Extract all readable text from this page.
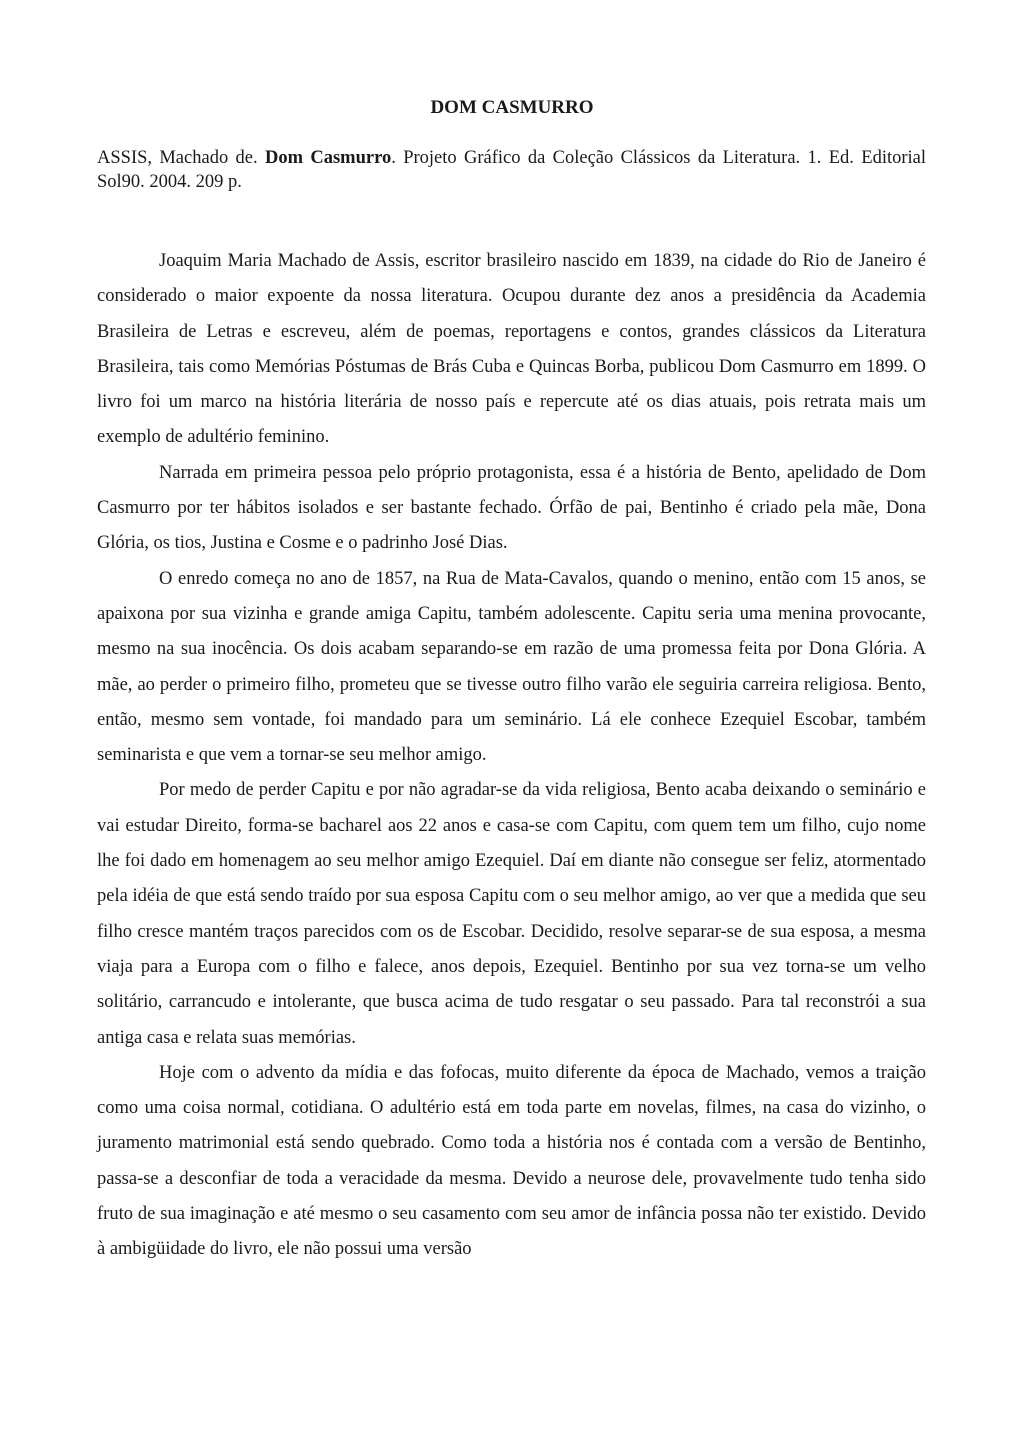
DOM CASMURRO
ASSIS, Machado de. Dom Casmurro. Projeto Gráfico da Coleção Clássicos da Literatura. 1. Ed. Editorial Sol90. 2004. 209 p.

Joaquim Maria Machado de Assis, escritor brasileiro nascido em 1839, na cidade do Rio de Janeiro é considerado o maior expoente da nossa literatura. Ocupou durante dez anos a presidência da Academia Brasileira de Letras e escreveu, além de poemas, reportagens e contos, grandes clássicos da Literatura Brasileira, tais como Memórias Póstumas de Brás Cuba e Quincas Borba, publicou Dom Casmurro em 1899. O livro foi um marco na história literária de nosso país e repercute até os dias atuais, pois retrata mais um exemplo de adultério feminino.

Narrada em primeira pessoa pelo próprio protagonista, essa é a história de Bento, apelidado de Dom Casmurro por ter hábitos isolados e ser bastante fechado. Órfão de pai, Bentinho é criado pela mãe, Dona Glória, os tios, Justina e Cosme e o padrinho José Dias.

O enredo começa no ano de 1857, na Rua de Mata-Cavalos, quando o menino, então com 15 anos, se apaixona por sua vizinha e grande amiga Capitu, também adolescente. Capitu seria uma menina provocante, mesmo na sua inocência. Os dois acabam separando-se em razão de uma promessa feita por Dona Glória. A mãe, ao perder o primeiro filho, prometeu que se tivesse outro filho varão ele seguiria carreira religiosa. Bento, então, mesmo sem vontade, foi mandado para um seminário. Lá ele conhece Ezequiel Escobar, também seminarista e que vem a tornar-se seu melhor amigo.

Por medo de perder Capitu e por não agradar-se da vida religiosa, Bento acaba deixando o seminário e vai estudar Direito, forma-se bacharel aos 22 anos e casa-se com Capitu, com quem tem um filho, cujo nome lhe foi dado em homenagem ao seu melhor amigo Ezequiel. Daí em diante não consegue ser feliz, atormentado pela idéia de que está sendo traído por sua esposa Capitu com o seu melhor amigo, ao ver que a medida que seu filho cresce mantém traços parecidos com os de Escobar. Decidido, resolve separar-se de sua esposa, a mesma viaja para a Europa com o filho e falece, anos depois, Ezequiel. Bentinho por sua vez torna-se um velho solitário, carrancudo e intolerante, que busca acima de tudo resgatar o seu passado. Para tal reconstrói a sua antiga casa e relata suas memórias.

Hoje com o advento da mídia e das fofocas, muito diferente da época de Machado, vemos a traição como uma coisa normal, cotidiana. O adultério está em toda parte em novelas, filmes, na casa do vizinho, o juramento matrimonial está sendo quebrado. Como toda a história nos é contada com a versão de Bentinho, passa-se a desconfiar de toda a veracidade da mesma. Devido a neurose dele, provavelmente tudo tenha sido fruto de sua imaginação e até mesmo o seu casamento com seu amor de infância possa não ter existido. Devido à ambigüidade do livro, ele não possui uma versão
